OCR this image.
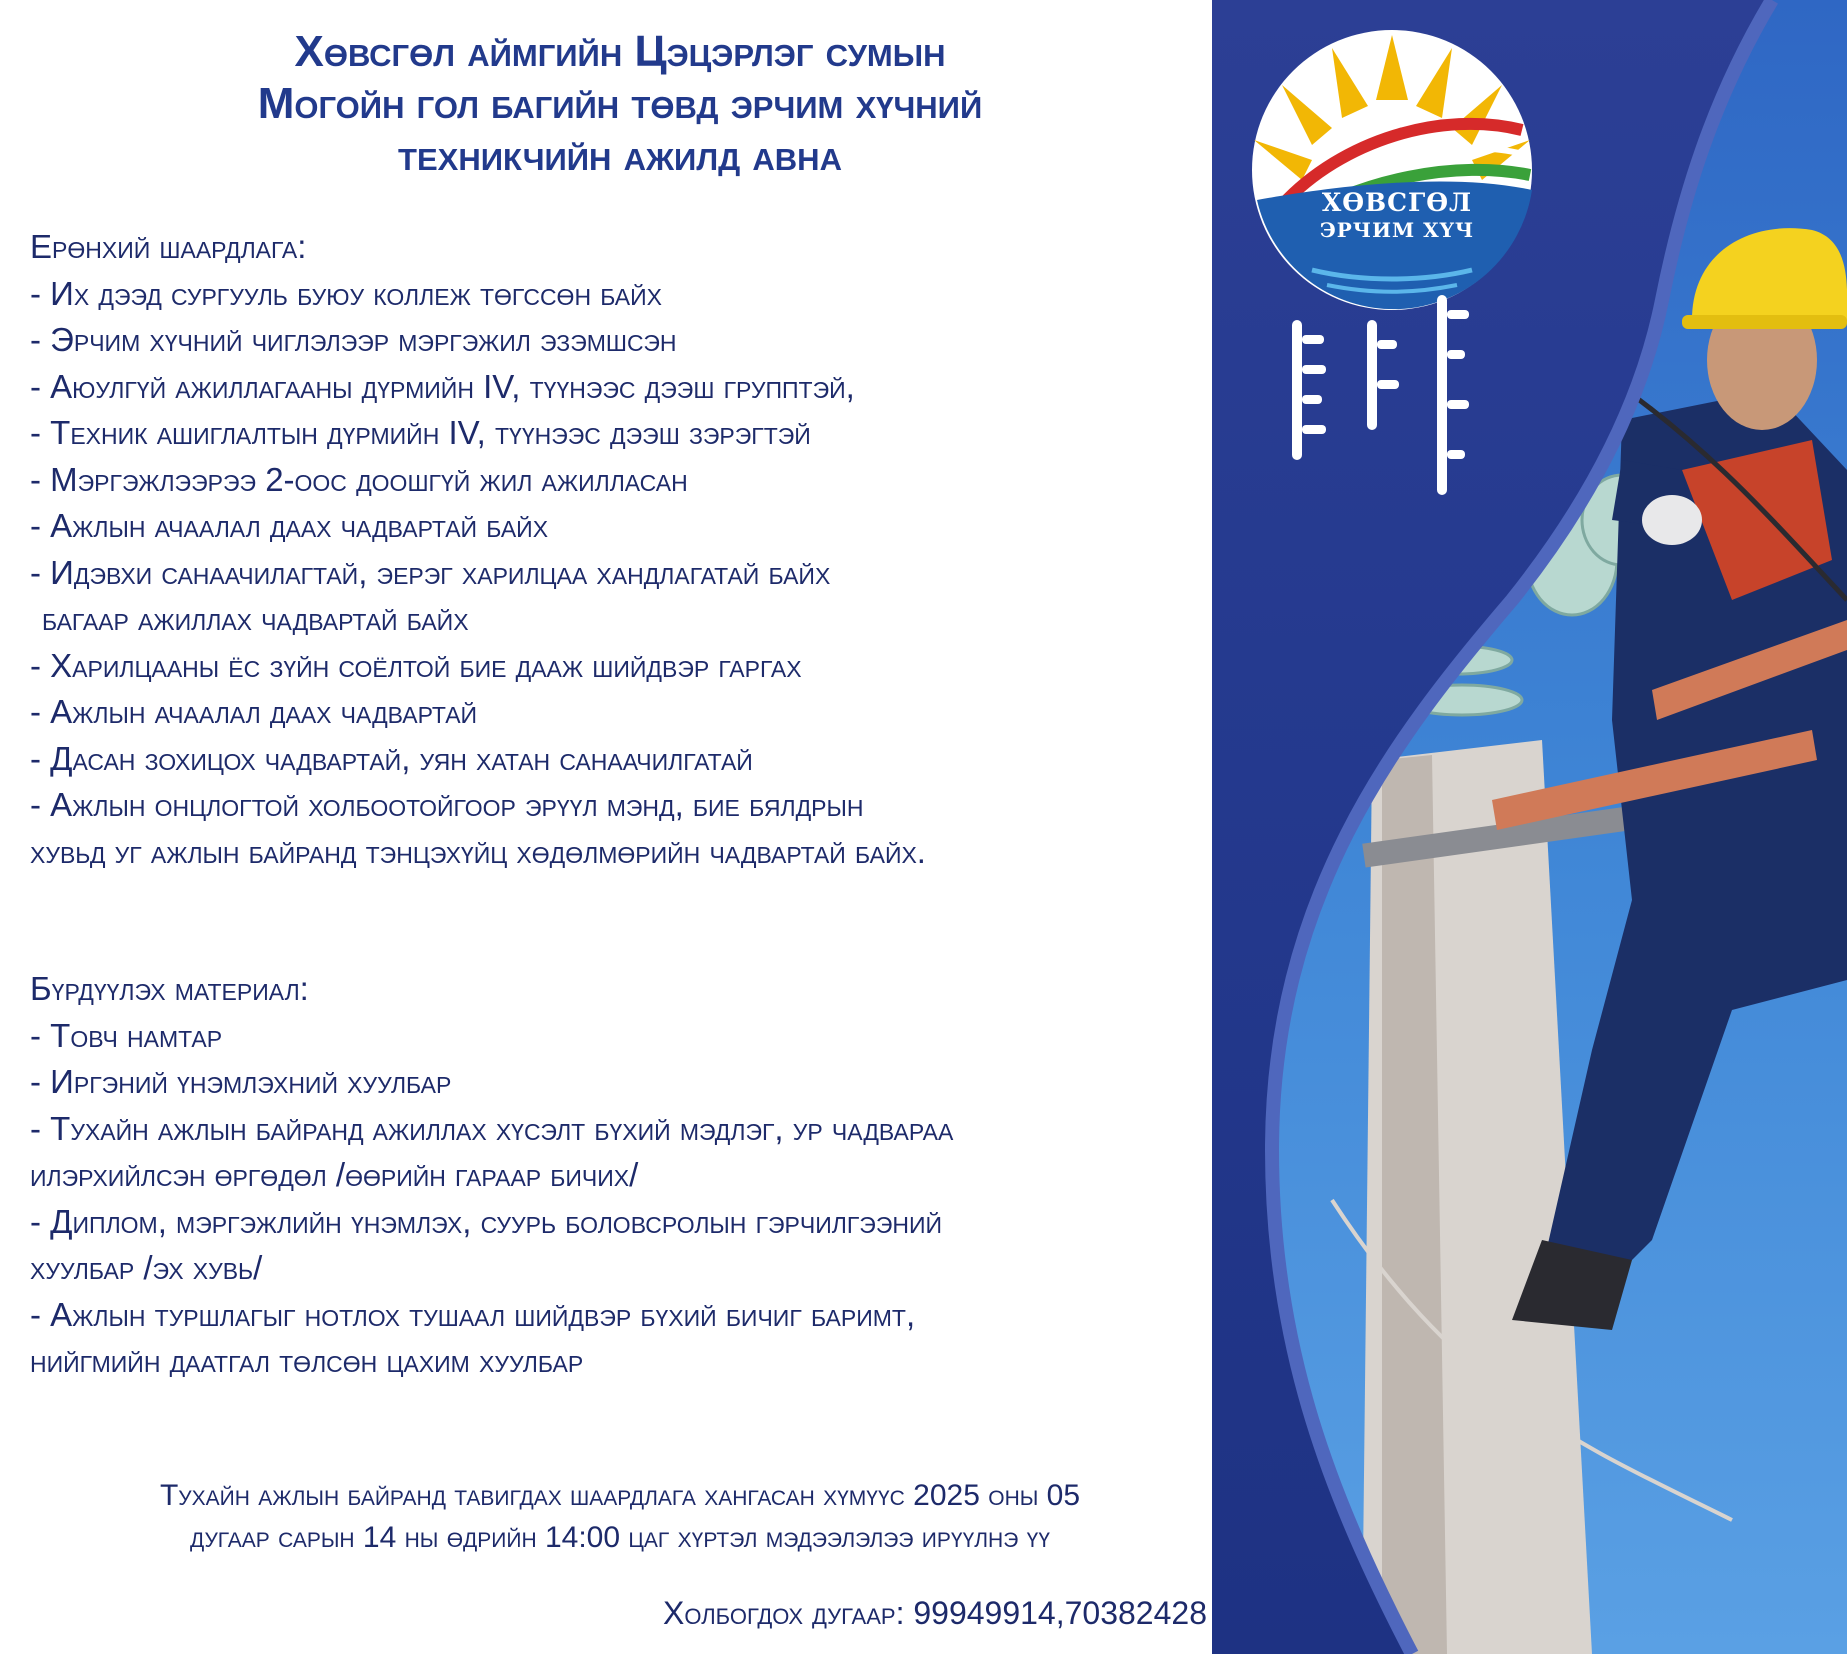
Хөвсгөл аймгийн Цэцэрлэг сумын
Могойн гол багийн төвд эрчим хүчний
техникчийн ажилд авна
Ерөнхий шаардлага:
- Их дээд сургууль буюу коллеж төгссөн байх
- Эрчим хүчний чиглэлээр мэргэжил эзэмшсэн
- Аюулгүй ажиллагааны дүрмийн IV, түүнээс дээш групптэй,
- Техник ашиглалтын дүрмийн IV, түүнээс дээш зэрэгтэй
- Мэргэжлээрээ 2-оос доошгүй жил ажилласан
- Ажлын ачаалал даах чадвартай байх
- Идэвхи санаачилагтай, эерэг харилцаа хандлагатай байх
багаар ажиллах чадвартай байх
- Харилцааны ёс зүйн соёлтой бие дааж шийдвэр гаргах
- Ажлын ачаалал даах чадвартай
- Дасан зохицох чадвартай, уян хатан санаачилгатай
- Ажлын онцлогтой холбоотойгоор эрүүл мэнд, бие бялдрын
хувьд уг ажлын байранд тэнцэхүйц хөдөлмөрийн чадвартай байх.
Бүрдүүлэх материал:
- Товч намтар
- Иргэний үнэмлэхний хуулбар
- Тухайн ажлын байранд ажиллах хүсэлт бүхий мэдлэг, ур чадвараа
илэрхийлсэн өргөдөл /өөрийн гараар бичих/
- Диплом, мэргэжлийн үнэмлэх, суурь боловсролын гэрчилгээний
хуулбар /эх хувь/
- Ажлын туршлагыг нотлох тушаал шийдвэр бүхий бичиг баримт,
нийгмийн даатгал төлсөн цахим хуулбар
Тухайн ажлын байранд тавигдах шаардлага хангасан хүмүүс 2025 оны 05
дугаар сарын 14 ны өдрийн 14:00 цаг хүртэл мэдээлэлээ ирүүлнэ үү
Холбогдох дугаар: 99949914,70382428
ХӨВСГӨЛ
ЭРЧИМ ХҮЧ
